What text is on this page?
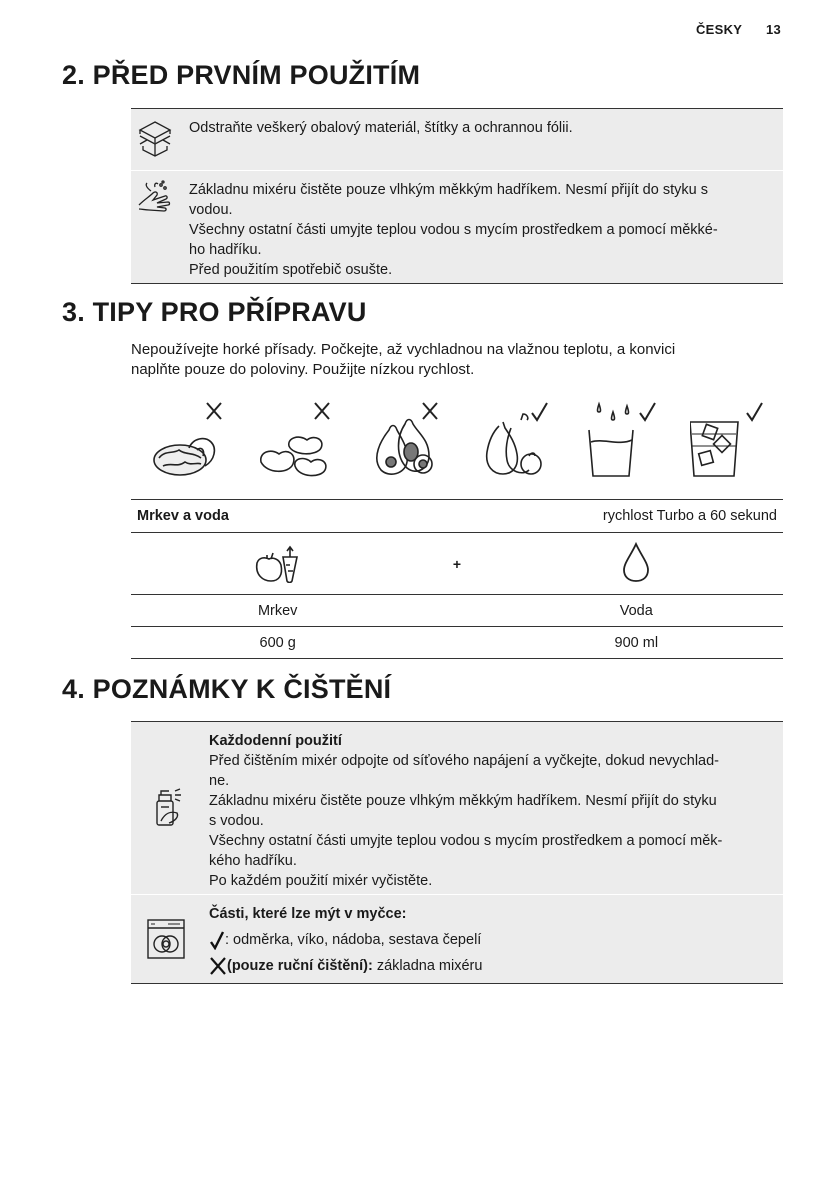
ČESKY 13
2. PŘED PRVNÍM POUŽITÍM
Odstraňte veškerý obalový materiál, štítky a ochrannou fólii.
Základnu mixéru čistěte pouze vlhkým měkkým hadříkem. Nesmí přijít do styku s
vodou.
Všechny ostatní části umyjte teplou vodou s mycím prostředkem a pomocí měkké-
ho hadříku.
Před použitím spotřebič osušte.
3. TIPY PRO PŘÍPRAVU
Nepoužívejte horké přísady. Počkejte, až vychladnou na vlažnou teplotu, a konvici
naplňte pouze do poloviny. Použijte nízkou rychlost.
Mrkev a voda		rychlost Turbo a 60 sekund
	+	
Mrkev		Voda
600 g		900 ml
4. POZNÁMKY K ČIŠTĚNÍ
Každodenní použití
Před čištěním mixér odpojte od síťového napájení a vyčkejte, dokud nevychlad-
ne.
Základnu mixéru čistěte pouze vlhkým měkkým hadříkem. Nesmí přijít do styku
s vodou.
Všechny ostatní části umyjte teplou vodou s mycím prostředkem a pomocí měk-
kého hadříku.
Po každém použití mixér vyčistěte.
Části, které lze mýt v myčce:
: odměrka, víko, nádoba, sestava čepelí
(pouze ruční čištění): základna mixéru
